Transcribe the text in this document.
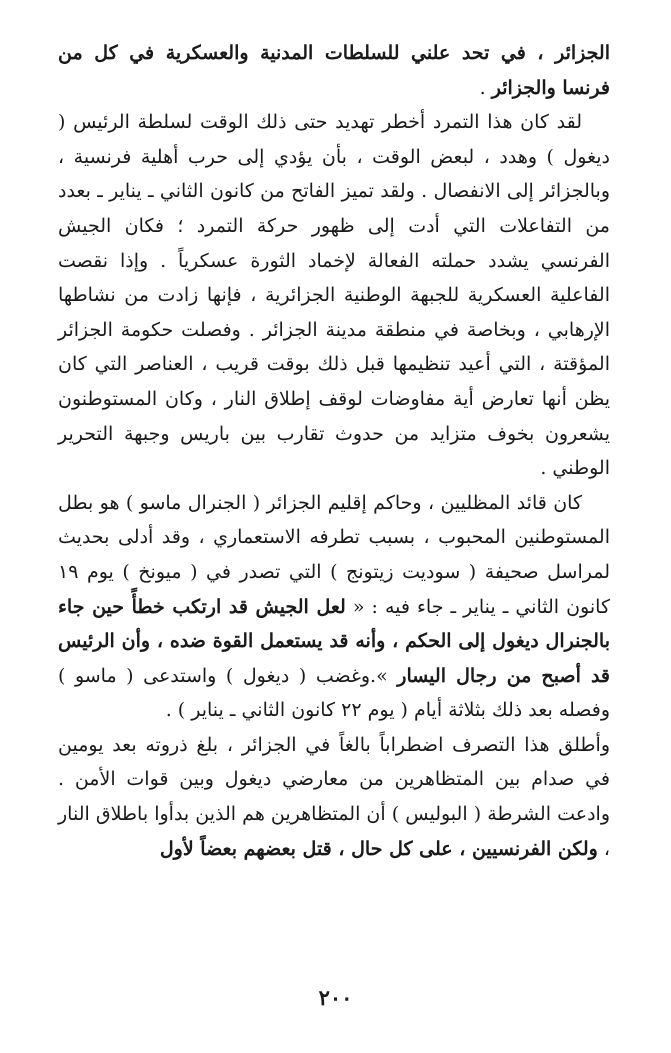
الجزائر ، في تحد علني للسلطات المدنية والعسكرية في كل من فرنسا والجزائر .

لقد كان هذا التمرد أخطر تهديد حتى ذلك الوقت لسلطة الرئيس ( ديغول ) وهدد ، لبعض الوقت ، بأن يؤدي إلى حرب أهلية فرنسية ، وبالجزائر إلى الانفصال . ولقد تميز الفاتح من كانون الثاني ـ يناير ـ بعدد من التفاعلات التي أدت إلى ظهور حركة التمرد ؛ فكان الجيش الفرنسي يشدد حملته الفعالة لإخماد الثورة عسكرياً . وإذا نقصت الفاعلية العسكرية للجبهة الوطنية الجزائرية ، فإنها زادت من نشاطها الإرهابي ، وبخاصة في منطقة مدينة الجزائر . وفصلت حكومة الجزائر المؤقتة ، التي أعيد تنظيمها قبل ذلك بوقت قريب ، العناصر التي كان يظن أنها تعارض أية مفاوضات لوقف إطلاق النار ، وكان المستوطنون يشعرون بخوف متزايد من حدوث تقارب بين باريس وجبهة التحرير الوطني .

كان قائد المظليين ، وحاكم إقليم الجزائر ( الجنرال ماسو ) هو بطل المستوطنين المحبوب ، بسبب تطرفه الاستعماري ، وقد أدلى بحديث لمراسل صحيفة ( سوديت زيتونج ) التي تصدر في ( ميونخ ) يوم ١٩ كانون الثاني ـ يناير ـ جاء فيه : « لعل الجيش قد ارتكب خطأً حين جاء بالجنرال ديغول إلى الحكم ، وأنه قد يستعمل القوة ضده ، وأن الرئيس قد أصبح من رجال اليسار ».وغضب ( ديغول ) واستدعى ( ماسو ) وفصله بعد ذلك بثلاثة أيام ( يوم ٢٢ كانون الثاني ـ يناير ) .

وأطلق هذا التصرف اضطراباً بالغاً في الجزائر ، بلغ ذروته بعد يومين في صدام بين المتظاهرين من معارضي ديغول وبين قوات الأمن . وادعت الشرطة ( البوليس ) أن المتظاهرين هم الذين بدأوا باطلاق النار ، ولكن الفرنسيين ، على كل حال ، قتل بعضهم بعضاً لأول

٢٠٠
